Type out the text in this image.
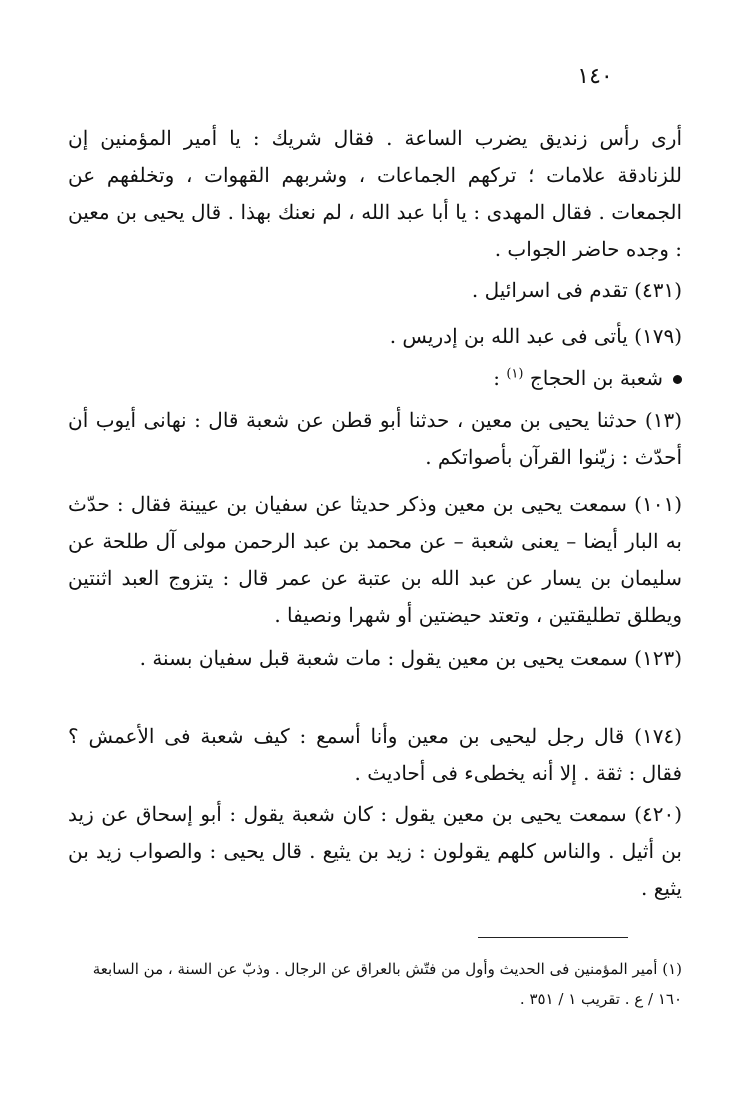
١٤٠

أرى رأس زنديق يضرب الساعة . فقال شريك : يا أمير المؤمنين إن للزنادقة علامات ؛ تركهم الجماعات ، وشربهم القهوات ، وتخلفهم عن الجمعات . فقال المهدى : يا أبا عبد الله ، لم نعنك بهذا . قال يحيى بن معين : وجده حاضر الجواب .

(٤٣١) تقدم فى اسرائيل .

(١٧٩) يأتى فى عبد الله بن إدريس .

شعبة بن الحجاج $^{(١)}$ :

(١٣) حدثنا يحيى بن معين ، حدثنا أبو قطن عن شعبة قال : نهانى أيوب أن أحدّث : زيّنوا القرآن بأصواتكم .

(١٠١) سمعت يحيى بن معين وذكر حديثا عن سفيان بن عيينة فقال : حدّث به البار أيضا – يعنى شعبة – عن محمد بن عبد الرحمن مولى آل طلحة عن سليمان بن يسار عن عبد الله بن عتبة عن عمر قال : يتزوج العبد اثنتين ويطلق تطليقتين ، وتعتد حيضتين أو شهرا ونصيفا .

(١٢٣) سمعت يحيى بن معين يقول : مات شعبة قبل سفيان بسنة .

(١٧٤) قال رجل ليحيى بن معين وأنا أسمع : كيف شعبة فى الأعمش ؟ فقال : ثقة . إلا أنه يخطىء فى أحاديث .

(٤٢٠) سمعت يحيى بن معين يقول : كان شعبة يقول : أبو إسحاق عن زيد بن أثيل . والناس كلهم يقولون : زيد بن يثيع . قال يحيى : والصواب زيد بن يثيع .

(١) أمير المؤمنين فى الحديث وأول من فتّش بالعراق عن الرجال . وذبّ عن السنة ، من السابعة ١٦٠ / ع . تقريب ١ / ٣٥١ .
